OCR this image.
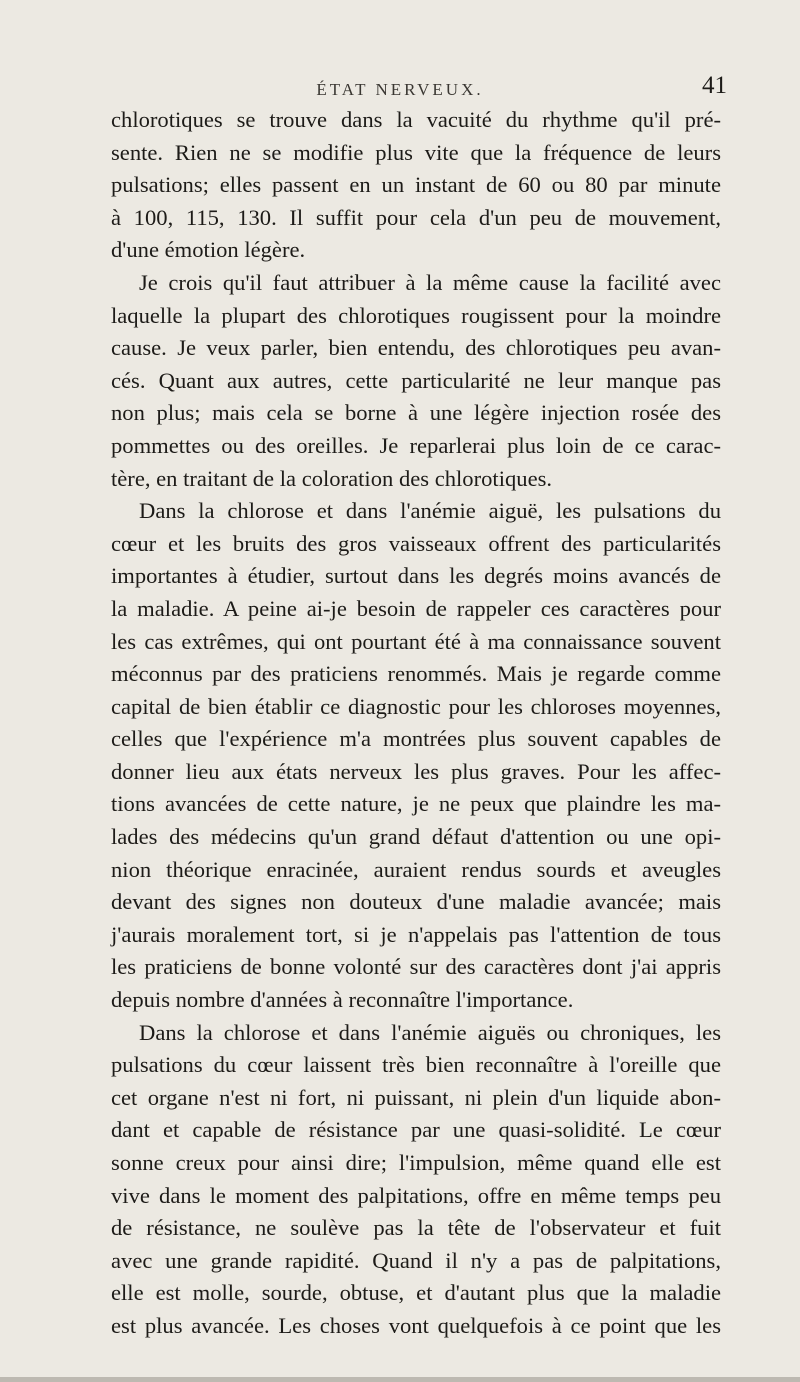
ÉTAT NERVEUX.	41
chlorotiques se trouve dans la vacuité du rhythme qu'il pré-
sente. Rien ne se modifie plus vite que la fréquence de leurs
pulsations; elles passent en un instant de 60 ou 80 par minute
à 100, 115, 130. Il suffit pour cela d'un peu de mouvement,
d'une émotion légère.
Je crois qu'il faut attribuer à la même cause la facilité avec
laquelle la plupart des chlorotiques rougissent pour la moindre
cause. Je veux parler, bien entendu, des chlorotiques peu avan-
cés. Quant aux autres, cette particularité ne leur manque pas
non plus; mais cela se borne à une légère injection rosée des
pommettes ou des oreilles. Je reparlerai plus loin de ce carac-
tère, en traitant de la coloration des chlorotiques.
Dans la chlorose et dans l'anémie aiguë, les pulsations du
cœur et les bruits des gros vaisseaux offrent des particularités
importantes à étudier, surtout dans les degrés moins avancés de
la maladie. A peine ai-je besoin de rappeler ces caractères pour
les cas extrêmes, qui ont pourtant été à ma connaissance souvent
méconnus par des praticiens renommés. Mais je regarde comme
capital de bien établir ce diagnostic pour les chloroses moyennes,
celles que l'expérience m'a montrées plus souvent capables de
donner lieu aux états nerveux les plus graves. Pour les affec-
tions avancées de cette nature, je ne peux que plaindre les ma-
lades des médecins qu'un grand défaut d'attention ou une opi-
nion théorique enracinée, auraient rendus sourds et aveugles
devant des signes non douteux d'une maladie avancée; mais
j'aurais moralement tort, si je n'appelais pas l'attention de tous
les praticiens de bonne volonté sur des caractères dont j'ai appris
depuis nombre d'années à reconnaître l'importance.
Dans la chlorose et dans l'anémie aiguës ou chroniques, les
pulsations du cœur laissent très bien reconnaître à l'oreille que
cet organe n'est ni fort, ni puissant, ni plein d'un liquide abon-
dant et capable de résistance par une quasi-solidité. Le cœur
sonne creux pour ainsi dire; l'impulsion, même quand elle est
vive dans le moment des palpitations, offre en même temps peu
de résistance, ne soulève pas la tête de l'observateur et fuit
avec une grande rapidité. Quand il n'y a pas de palpitations,
elle est molle, sourde, obtuse, et d'autant plus que la maladie
est plus avancée. Les choses vont quelquefois à ce point que les
